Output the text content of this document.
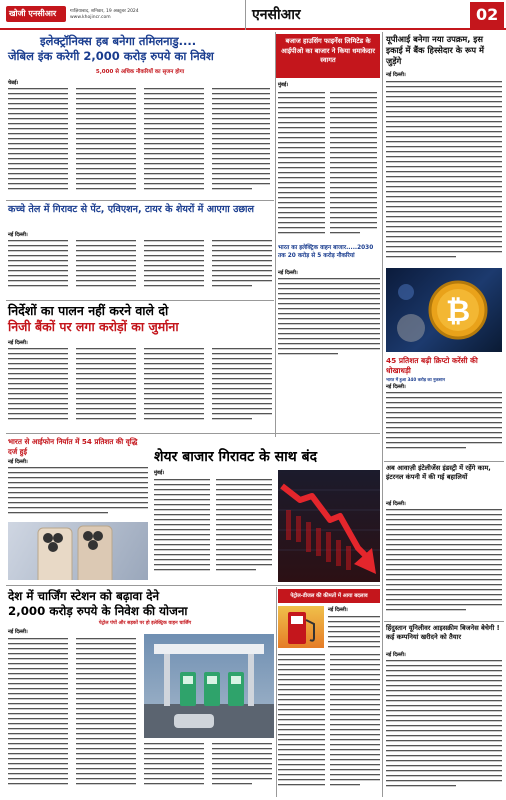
खोजी एनसीआर	गाज़ियाबाद, शनिवार, 19 अक्टूबर 2024
www.khojincr.com	एनसीआर	02
इलेक्ट्रॉनिक्स हब बनेगा तमिलनाडु....
जेबिल इंक करेगी 2,000 करोड़ रुपये का निवेश
5,000 से अधिक नौकरियों का सृजन होगा
चेन्नई।
बजाज हाउसिंग फाइनेंस लिमिटेड के आईपीओ का बाजार ने किया धमाकेदार स्वागत
मुंबई।
यूपीआई बनेगा नया उपक्रम, इस इकाई में बैंक हिस्सेदार के रूप में जुड़ेंगे
नई दिल्ली।
₿
कच्चे तेल में गिरावट से पेंट, एविएशन, टायर के शेयरों में आएगा उछाल
नई दिल्ली।
निर्देशों का पालन नहीं करने वाले दो
निजी बैंकों पर लगा करोड़ों का जुर्माना
नई दिल्ली।
भारत का इलेक्ट्रिक वाहन बाजार.....2030 तक 20 करोड़ से 5 करोड़ नौकरियां
नई दिल्ली।
45 प्रतिशत बढ़ी क्रिप्टो करेंसी की धोखाधड़ी
भारत में हुआ 340 करोड़ का नुकसान
नई दिल्ली।
भारत से आईफोन निर्यात में 54 प्रतिशत की वृद्धि दर्ज हुई
नई दिल्ली।	शेयर बाजार गिरावट के साथ बंद
मुंबई।
अब आवाज़ी इंटेलीजेंस इंडस्ट्री में रहेंगे काम, इंटरनल कंपनी में की गई बहालियों
नई दिल्ली।
देश में चार्जिंग स्टेशन को बढ़ावा देने
2,000 करोड़ रुपये के निवेश की योजना
पेट्रोल पंपों और सड़कों पर हो इलेक्ट्रिक वाहन चार्जिंग
नई दिल्ली।
पेट्रोल-डीजल की कीमतों में आया बदलाव
नई दिल्ली।
हिंदुस्तान यूनिलीवर आइसक्रीम बिजनेस बेचेगी ! कई कम्पनियां खरीदने को तैयार
नई दिल्ली।
